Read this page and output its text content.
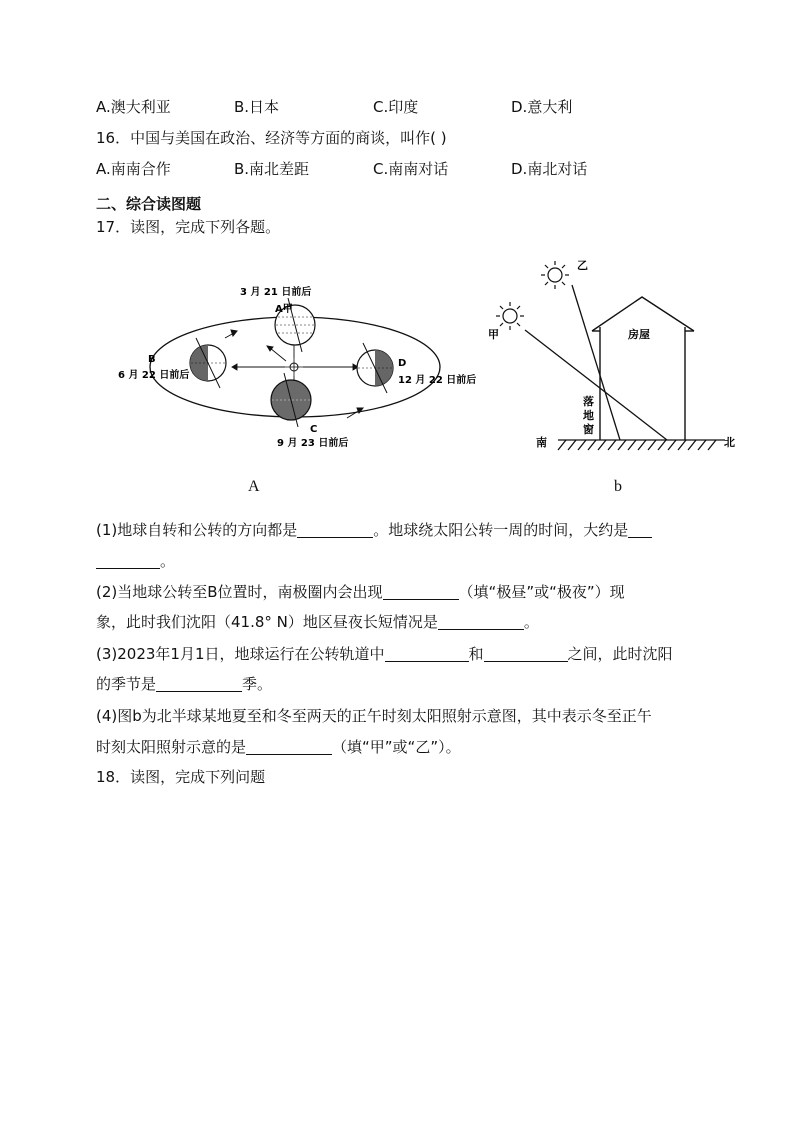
A.澳大利亚	B.日本	C.印度	D.意大利
16．中国与美国在政治、经济等方面的商谈，叫作( )
A.南南合作	B.南北差距	C.南南对话	D.南北对话
二、综合读图题
17．读图，完成下列各题。
3 月 21 日前后
A甲
B
6 月 22 日前后
D
12 月 22 日前后
C
9 月 23 日前后
A
乙
甲	房屋
落
地
窗
南	北
b
(1)地球自转和公转的方向都是	。地球绕太阳公转一周的时间，大约是
。
(2)当地球公转至B位置时，南极圈内会出现	（填“极昼”或“极夜”）现
象，此时我们沈阳（41.8° N）地区昼夜长短情况是	。
(3)2023年1月1日，地球运行在公转轨道中	和	之间，此时沈阳
的季节是	季。
(4)图b为北半球某地夏至和冬至两天的正午时刻太阳照射示意图，其中表示冬至正午
时刻太阳照射示意的是	（填“甲”或“乙”）。
18．读图，完成下列问题
